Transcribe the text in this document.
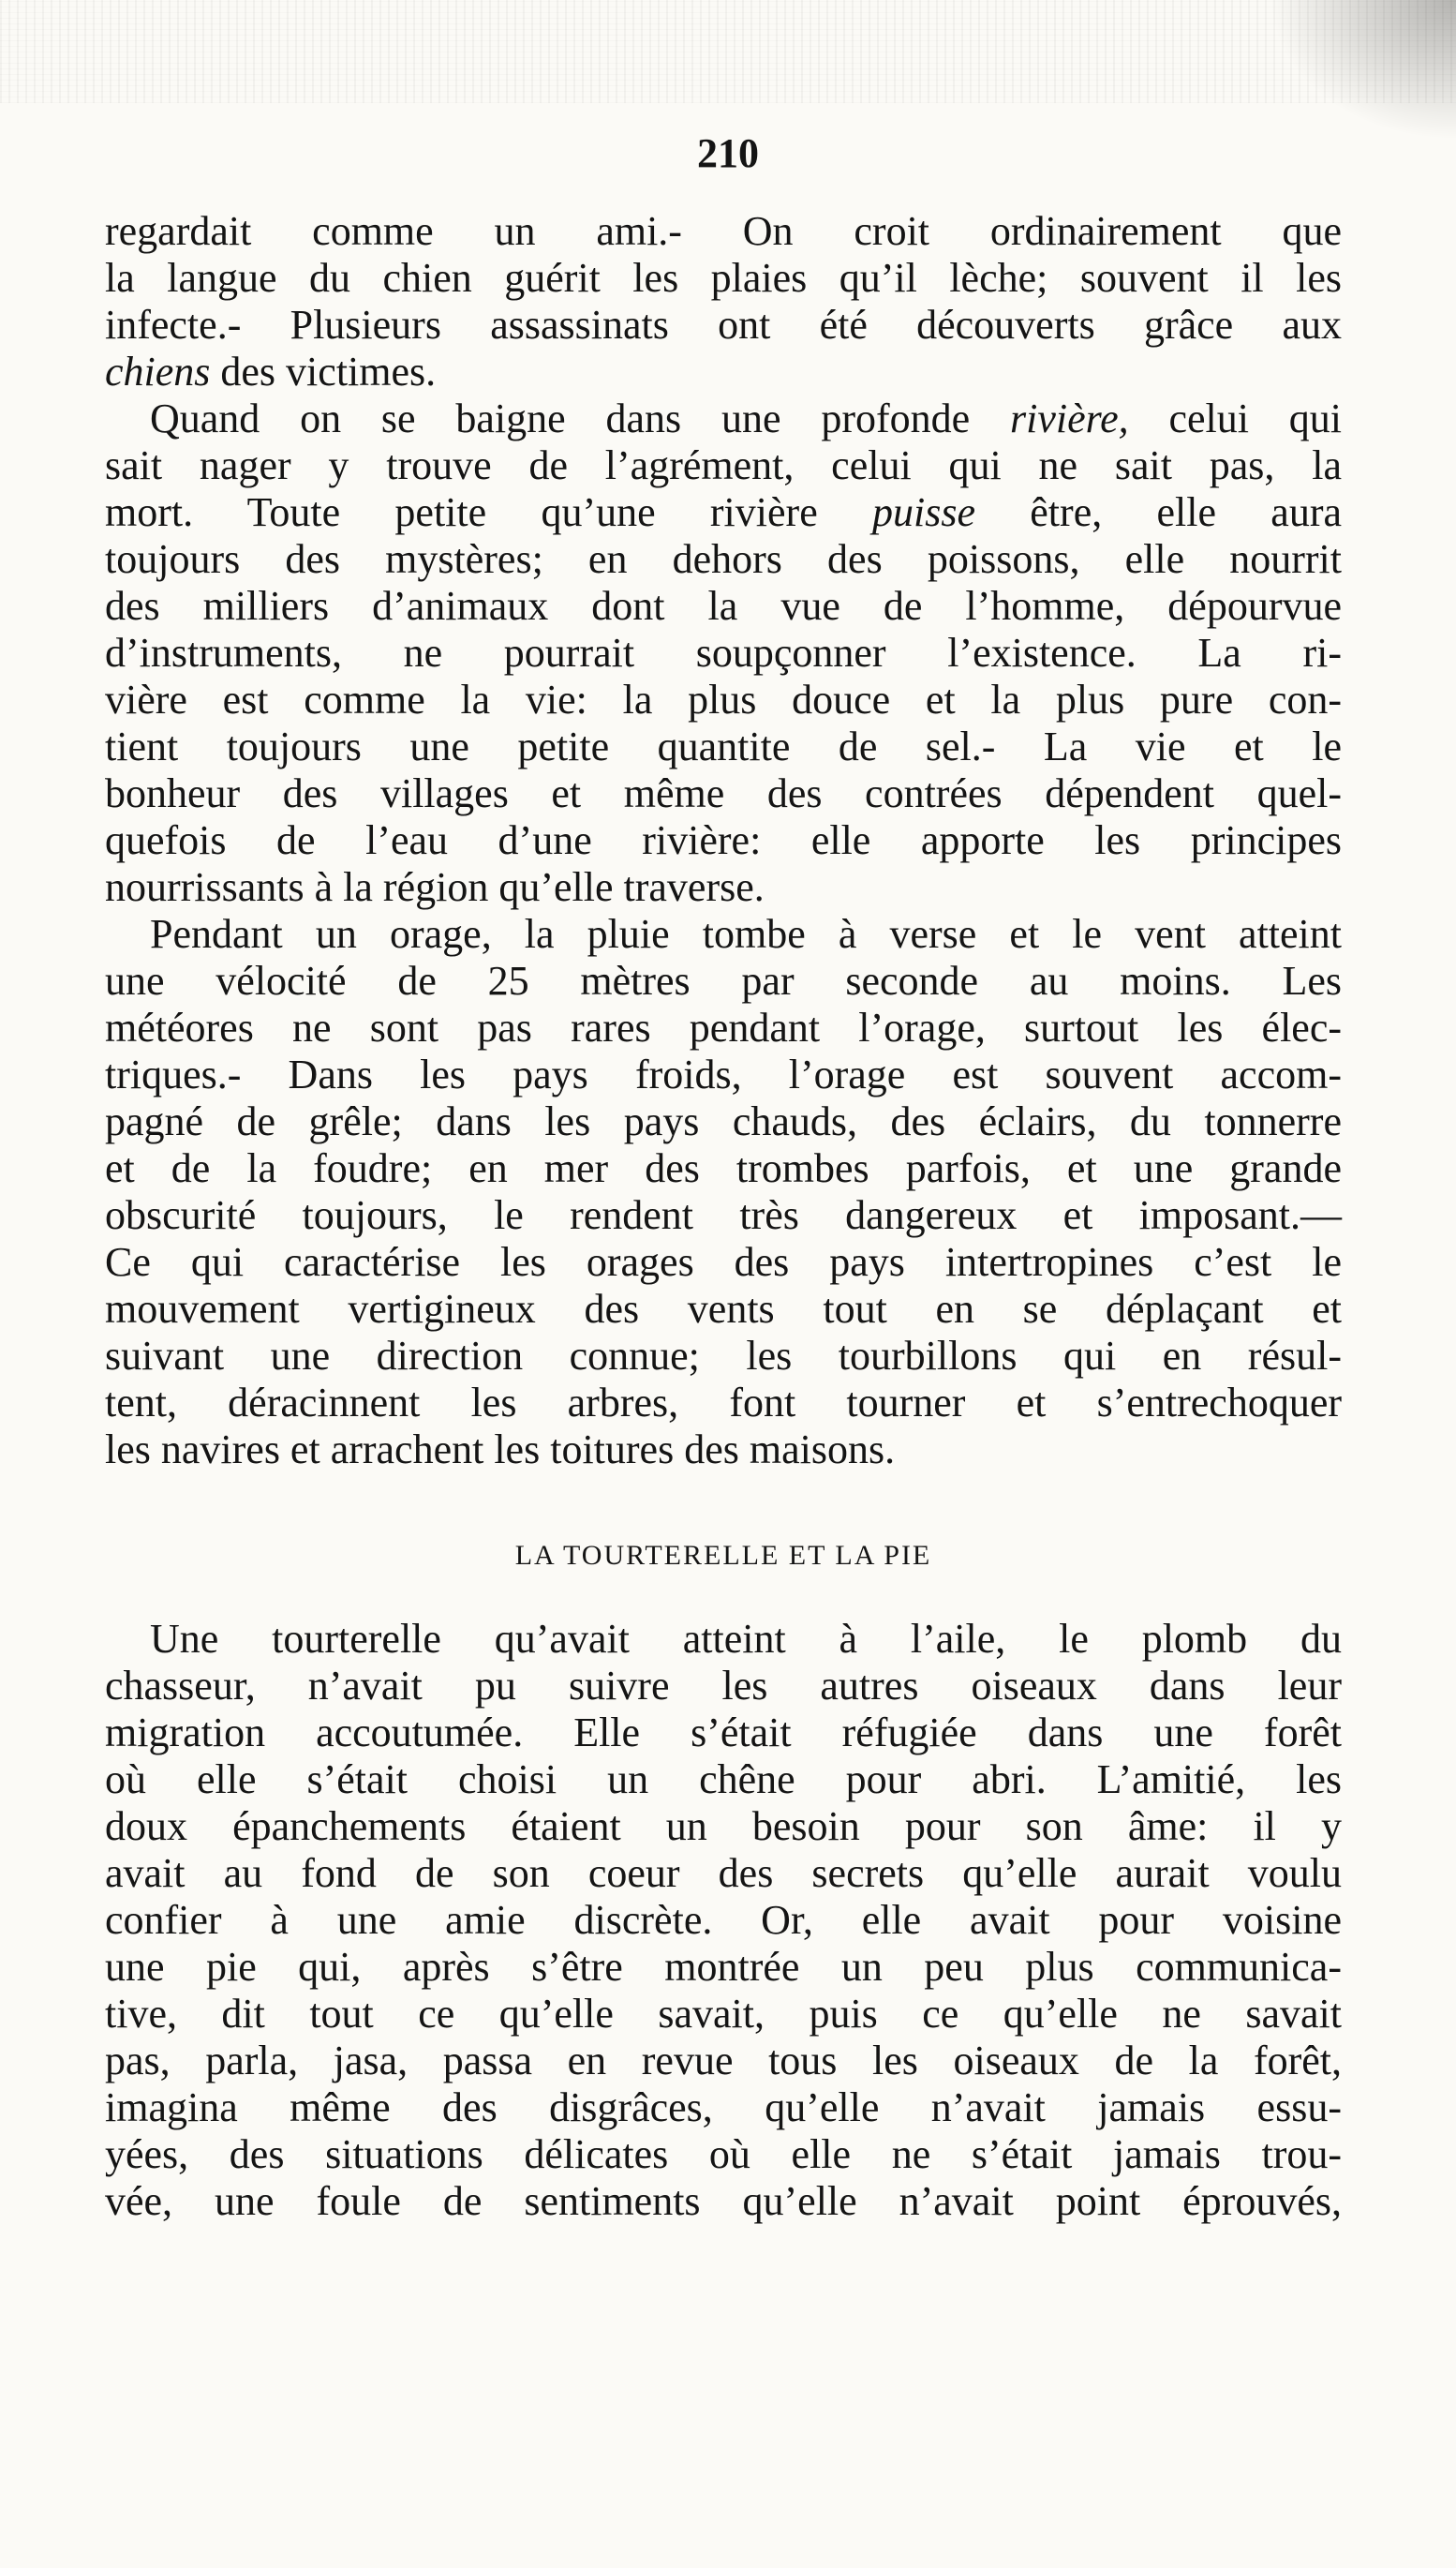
210
regardait comme un ami.- On croit ordinairement que
la langue du chien guérit les plaies qu’il lèche; souvent il les
infecte.- Plusieurs assassinats ont été découverts grâce aux
chiens des victimes.
Quand on se baigne dans une profonde rivière, celui qui
sait nager y trouve de l’agrément, celui qui ne sait pas, la
mort. Toute petite qu’une rivière puisse être, elle aura
toujours des mystères; en dehors des poissons, elle nourrit
des milliers d’animaux dont la vue de l’homme, dépourvue
d’instruments, ne pourrait soupçonner l’existence. La ri-
vière est comme la vie: la plus douce et la plus pure con-
tient toujours une petite quantite de sel.- La vie et le
bonheur des villages et même des contrées dépendent quel-
quefois de l’eau d’une rivière: elle apporte les principes
nourrissants à la région qu’elle traverse.
Pendant un orage, la pluie tombe à verse et le vent atteint
une vélocité de 25 mètres par seconde au moins. Les
météores ne sont pas rares pendant l’orage, surtout les élec-
triques.- Dans les pays froids, l’orage est souvent accom-
pagné de grêle; dans les pays chauds, des éclairs, du tonnerre
et de la foudre; en mer des trombes parfois, et une grande
obscurité toujours, le rendent très dangereux et imposant.—
Ce qui caractérise les orages des pays intertropines c’est le
mouvement vertigineux des vents tout en se déplaçant et
suivant une direction connue; les tourbillons qui en résul-
tent, déracinnent les arbres, font tourner et s’entrechoquer
les navires et arrachent les toitures des maisons.
LA TOURTERELLE ET LA PIE
Une tourterelle qu’avait atteint à l’aile, le plomb du
chasseur, n’avait pu suivre les autres oiseaux dans leur
migration accoutumée. Elle s’était réfugiée dans une forêt
où elle s’était choisi un chêne pour abri. L’amitié, les
doux épanchements étaient un besoin pour son âme: il y
avait au fond de son coeur des secrets qu’elle aurait voulu
confier à une amie discrète. Or, elle avait pour voisine
une pie qui, après s’être montrée un peu plus communica-
tive, dit tout ce qu’elle savait, puis ce qu’elle ne savait
pas, parla, jasa, passa en revue tous les oiseaux de la forêt,
imagina même des disgrâces, qu’elle n’avait jamais essu-
yées, des situations délicates où elle ne s’était jamais trou-
vée, une foule de sentiments qu’elle n’avait point éprouvés,
